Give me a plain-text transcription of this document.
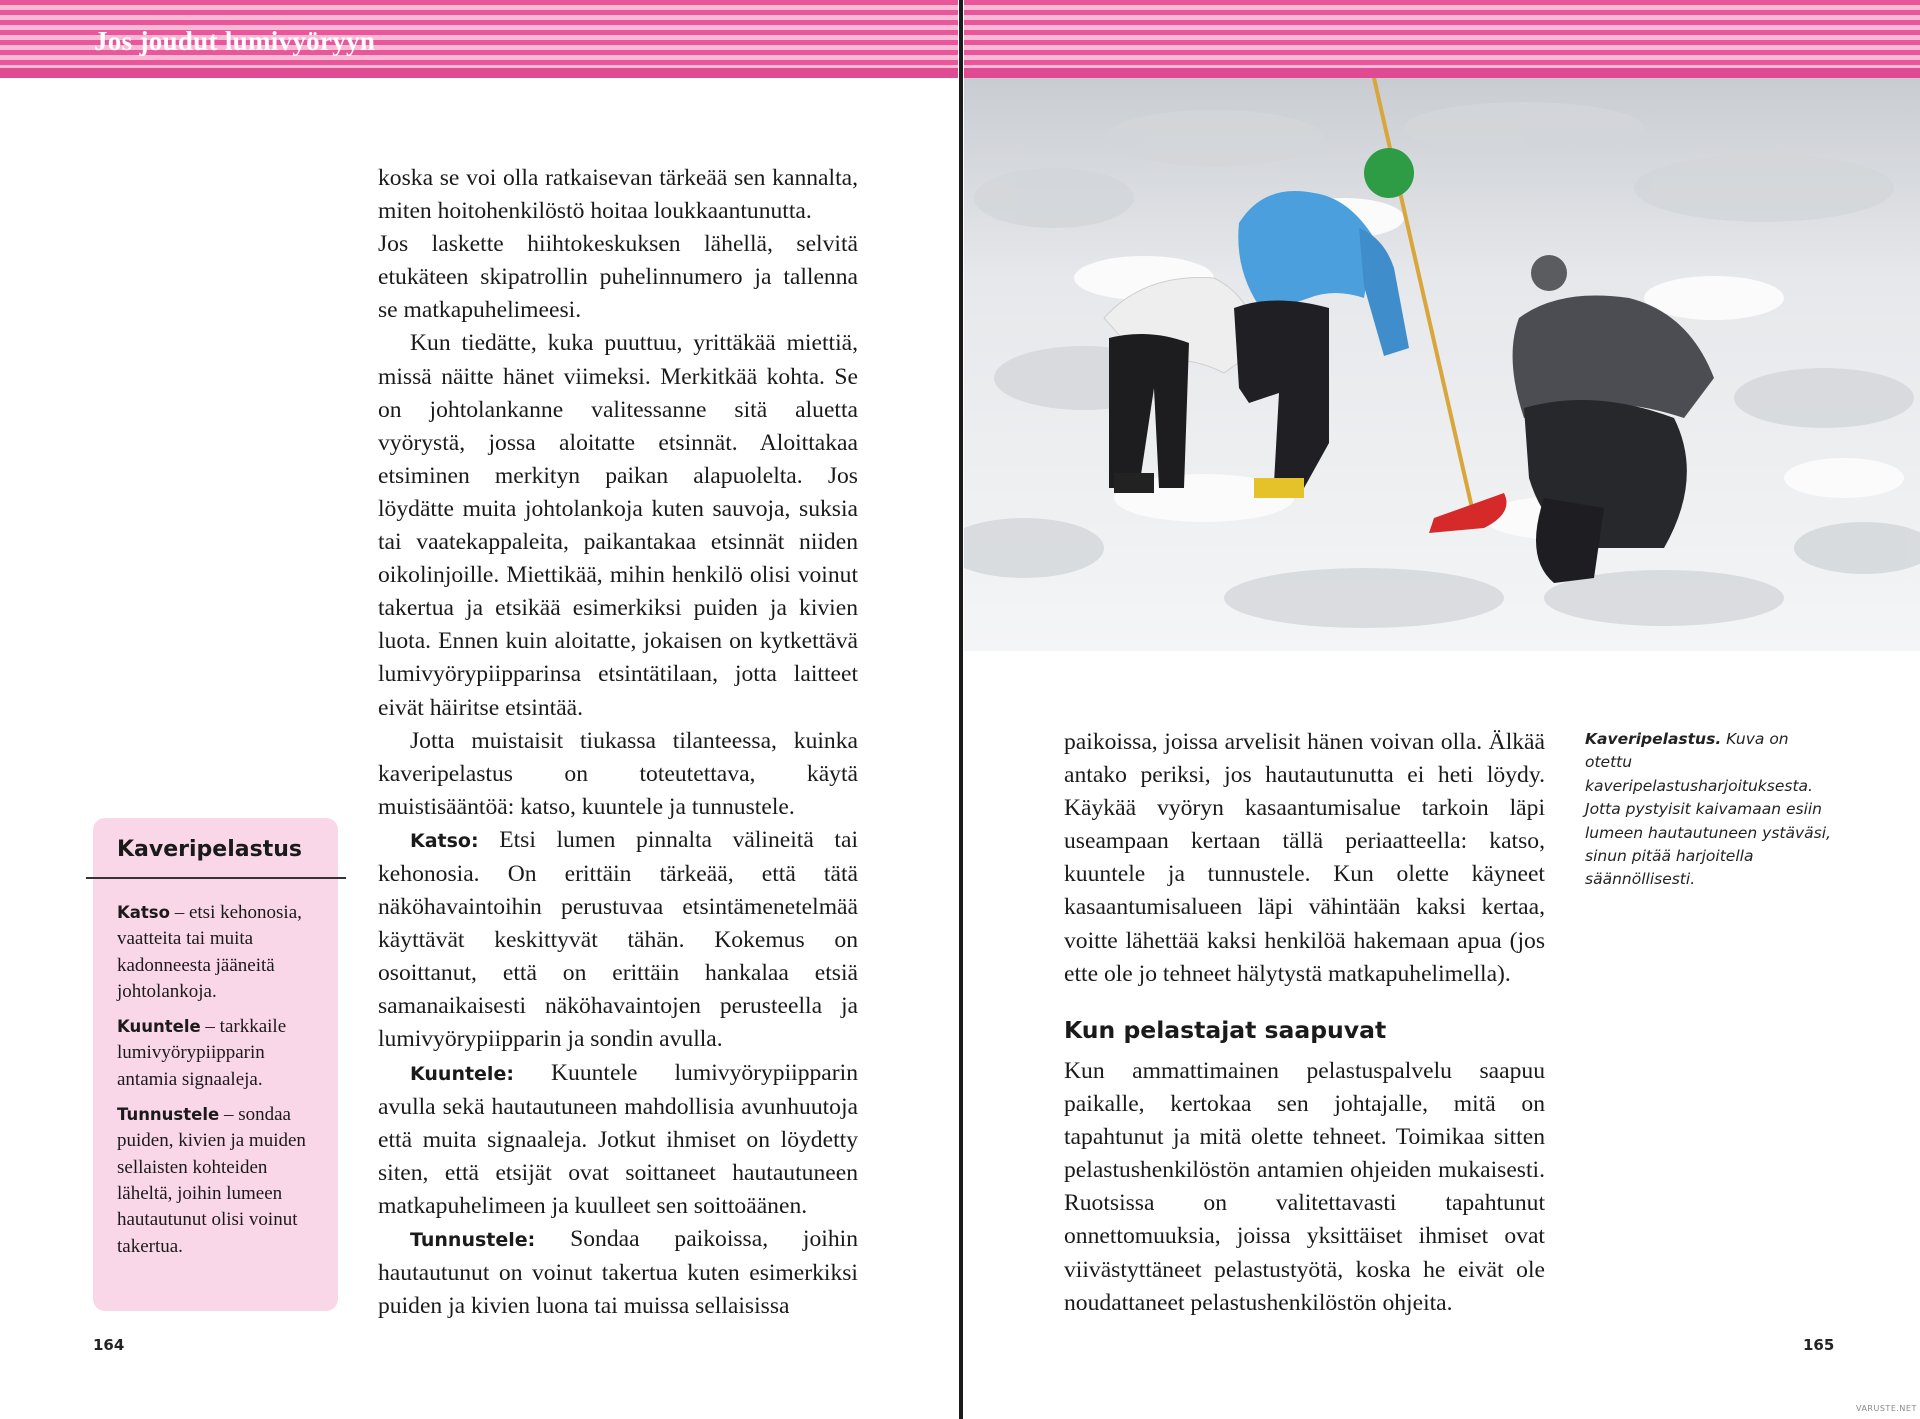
Jos joudut lumivyöryyn

koska se voi olla ratkaisevan tärkeää sen kannalta, miten hoitohenkilöstö hoitaa loukkaantunutta.

Jos laskette hiihtokeskuksen lähellä, selvitä etukäteen skipatrollin puhelinnumero ja tallenna se matkapuhelimeesi.

Kun tiedätte, kuka puuttuu, yrittäkää miettiä, missä näitte hänet viimeksi. Merkitkää kohta. Se on johtolankanne valitessanne sitä aluetta vyörystä, jossa aloitatte etsinnät. Aloittakaa etsiminen merkityn paikan alapuolelta. Jos löydätte muita johtolankoja kuten sauvoja, suksia tai vaatekappaleita, paikantakaa etsinnät niiden oikolinjoille. Miettikää, mihin henkilö olisi voinut takertua ja etsikää esimerkiksi puiden ja kivien luota. Ennen kuin aloitatte, jokaisen on kytkettävä lumivyörypiipparinsa etsintätilaan, jotta laitteet eivät häiritse etsintää.

Jotta muistaisit tiukassa tilanteessa, kuinka kaveripelastus on toteutettava, käytä muistisääntöä: katso, kuuntele ja tunnustele.

Katso: Etsi lumen pinnalta välineitä tai kehonosia. On erittäin tärkeää, että tätä näköhavaintoihin perustuvaa etsintämenetelmää käyttävät keskittyvät tähän. Kokemus on osoittanut, että on erittäin hankalaa etsiä samanaikaisesti näköhavaintojen perusteella ja lumivyörypiipparin ja sondin avulla.

Kuuntele: Kuuntele lumivyörypiipparin avulla sekä hautautuneen mahdollisia avunhuutoja että muita signaaleja. Jotkut ihmiset on löydetty siten, että etsijät ovat soittaneet hautautuneen matkapuhelimeen ja kuulleet sen soittoäänen.

Tunnustele: Sondaa paikoissa, joihin hautautunut on voinut takertua kuten esimerkiksi puiden ja kivien luona tai muissa sellaisissa

Kaveripelastus

Katso – etsi kehonosia, vaatteita tai muita kadonneesta jääneitä johtolankoja.

Kuuntele – tarkkaile lumivyörypiipparin antamia signaaleja.

Tunnustele – sondaa puiden, kivien ja muiden sellaisten kohteiden läheltä, joihin lumeen hautautunut olisi voinut takertua.

164
Kaveripelastus. Kuva on otettu kaveripelastusharjoituksesta. Jotta pystyisit kaivamaan esiin lumeen hautautuneen ystäväsi, sinun pitää harjoitella säännöllisesti.

paikoissa, joissa arvelisit hänen voivan olla. Älkää antako periksi, jos hautautunutta ei heti löydy. Käykää vyöryn kasaantumisalue tarkoin läpi useampaan kertaan tällä periaatteella: katso, kuuntele ja tunnustele. Kun olette käyneet kasaantumisalueen läpi vähintään kaksi kertaa, voitte lähettää kaksi henkilöä hakemaan apua (jos ette ole jo tehneet hälytystä matkapuhelimella).

Kun pelastajat saapuvat

Kun ammattimainen pelastuspalvelu saapuu paikalle, kertokaa sen johtajalle, mitä on tapahtunut ja mitä olette tehneet. Toimikaa sitten pelastushenkilöstön antamien ohjeiden mukaisesti. Ruotsissa on valitettavasti tapahtunut onnettomuuksia, joissa yksittäiset ihmiset ovat viivästyttäneet pelastustyötä, koska he eivät ole noudattaneet pelastushenkilöstön ohjeita.

165
VARUSTE.NET
